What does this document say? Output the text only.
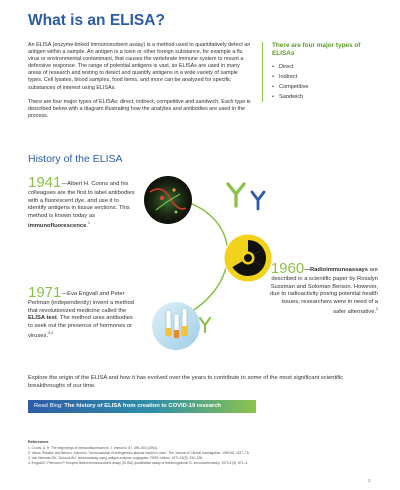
What is an ELISA?

An ELISA (enzyme-linked immunosorbent assay) is a method used to quantitatively detect an antigen within a sample. An antigen is a toxin or other foreign substance, for example a flu virus or environmental contaminant, that causes the vertebrate immune system to mount a defensive response. The range of potential antigens is vast, so ELISAs are used in many areas of research and testing to detect and quantify antigens in a wide variety of sample types. Cell lysates, blood samples, food items, and more can be analyzed for specific substances of interest using ELISAs.

There are four major types of ELISAs: direct, indirect, competitive and sandwich. Each type is described below with a diagram illustrating how the analytes and antibodies are used in the process.

There are four major types of ELISAs
• Direct
• Indirect
• Competitive
• Sandwich
History of the ELISA
1941—Albert H. Coons and his colleagues are the first to label antibodies with a fluorescent dye, and use it to identify antigens in tissue sections. This method is known today as immunofluorescence.$^1$
1960—Radioimmunoassays are described in a scientific paper by Rosalyn Sussman and Soloman Berson. However, due to radioactivity posing potential health issues, researchers were in need of a safer alternative.$^2$
1971—Eva Engvall and Peter Perlman (independently) invent a method that revolutionized medicine called the ELISA test. The method uses antibodies to seek out the presence of hormones or viruses.$^{3,4}$
Explore the origin of the ELISA and how it has evolved over the years to contribute to some of the most significant scientific breakthroughs of our time.
Read Blog: The history of ELISA from creation to COVID-19 research
References
1. Coons, A. H. The beginnings of immunofluorescence. J. Immunol. 87, 499–503 (1961).
2. Yalow, Rosalyn and Berson, Solomon. "Immunoassay of endogenous plasma insulin in man." The Journal of Clinical Investigation. 1960;39: 1157–75.
3. Van Weemen BK, Schuurs AH. Immunoassay using antigen-enzyme conjugates. FEBS Letters. 1971;15(3): 232–236.
4. Engvall E, Perlmann P. Enzyme-linked immunosorbent assay (ELISA) quantitative assay of immunoglobulin G. Immunochemistry. 1971;8 (9): 871–4.
3
